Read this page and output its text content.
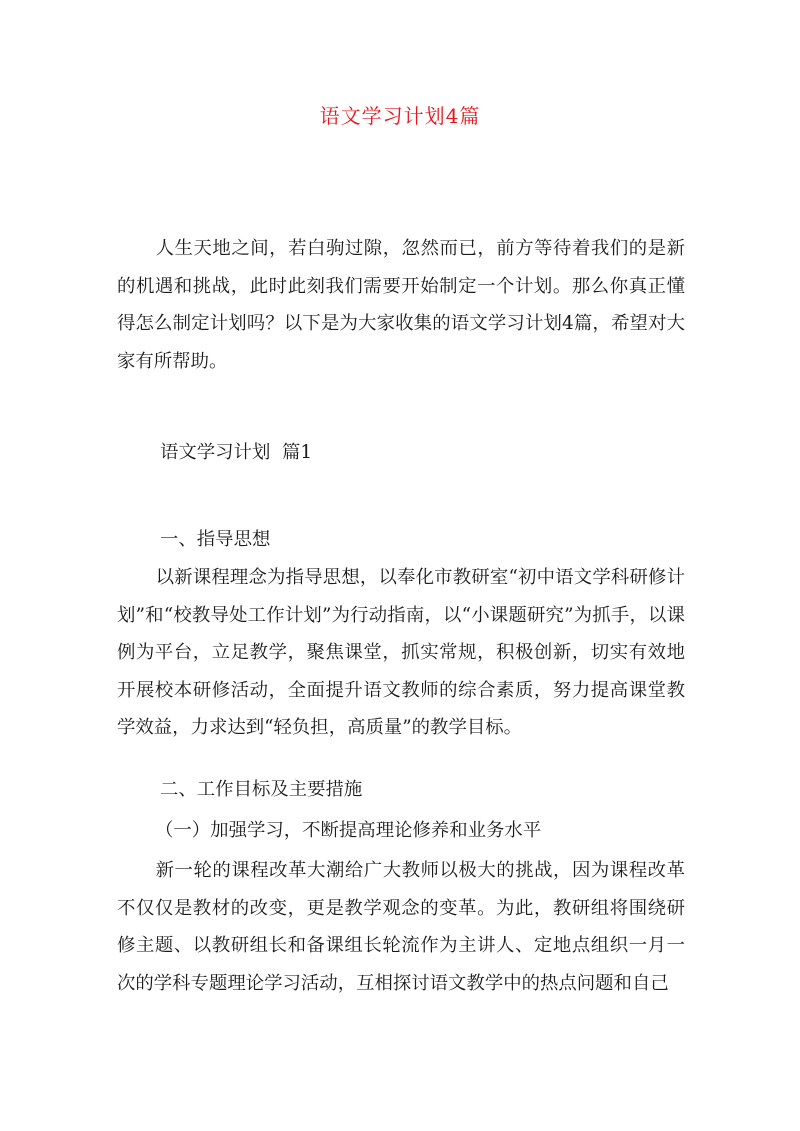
语文学习计划4篇

人生天地之间，若白驹过隙，忽然而已，前方等待着我们的是新的机遇和挑战，此时此刻我们需要开始制定一个计划。那么你真正懂得怎么制定计划吗？以下是为大家收集的语文学习计划4篇，希望对大家有所帮助。

语文学习计划  篇1
一、指导思想

以新课程理念为指导思想，以奉化市教研室“初中语文学科研修计划”和“校教导处工作计划”为行动指南，以“小课题研究”为抓手，以课例为平台，立足教学，聚焦课堂，抓实常规，积极创新，切实有效地开展校本研修活动，全面提升语文教师的综合素质，努力提高课堂教学效益，力求达到“轻负担，高质量”的教学目标。

二、工作目标及主要措施
（一）加强学习，不断提高理论修养和业务水平

新一轮的课程改革大潮给广大教师以极大的挑战，因为课程改革不仅仅是教材的改变，更是教学观念的变革。为此，教研组将围绕研修主题、以教研组长和备课组长轮流作为主讲人、定地点组织一月一次的学科专题理论学习活动，互相探讨语文教学中的热点问题和自己
